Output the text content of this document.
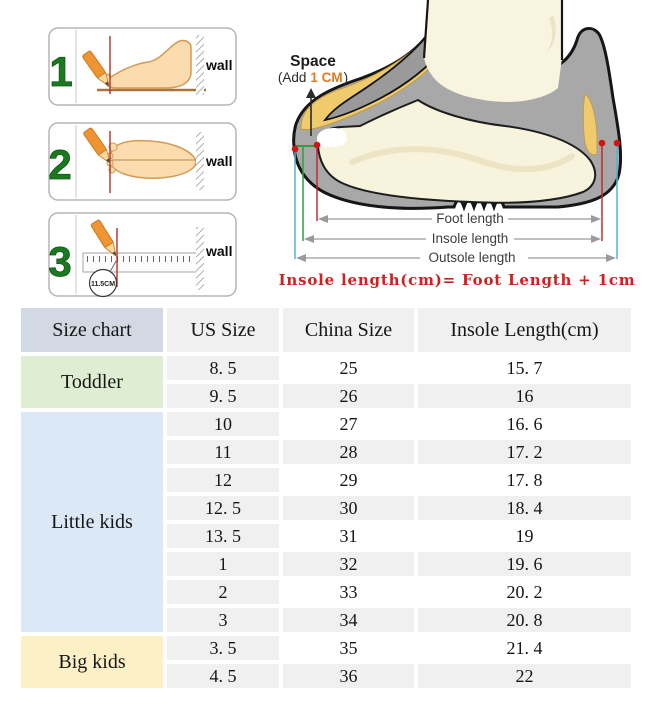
1	wall
2	wall
3	11.5CM
wall
Foot length
Insole length
Outsole length
Space
(Add 1 CM)
Insole length(cm)= Foot Length + 1cm
Size chart	US Size	China Size	Insole Length(cm)
Toddler	8. 5	25	15. 7
	9. 5	26	16
Little kids	10	27	16. 6
	11	28	17. 2
	12	29	17. 8
	12. 5	30	18. 4
	13. 5	31	19
	1	32	19. 6
	2	33	20. 2
	3	34	20. 8
Big kids	3. 5	35	21. 4
	4. 5	36	22
